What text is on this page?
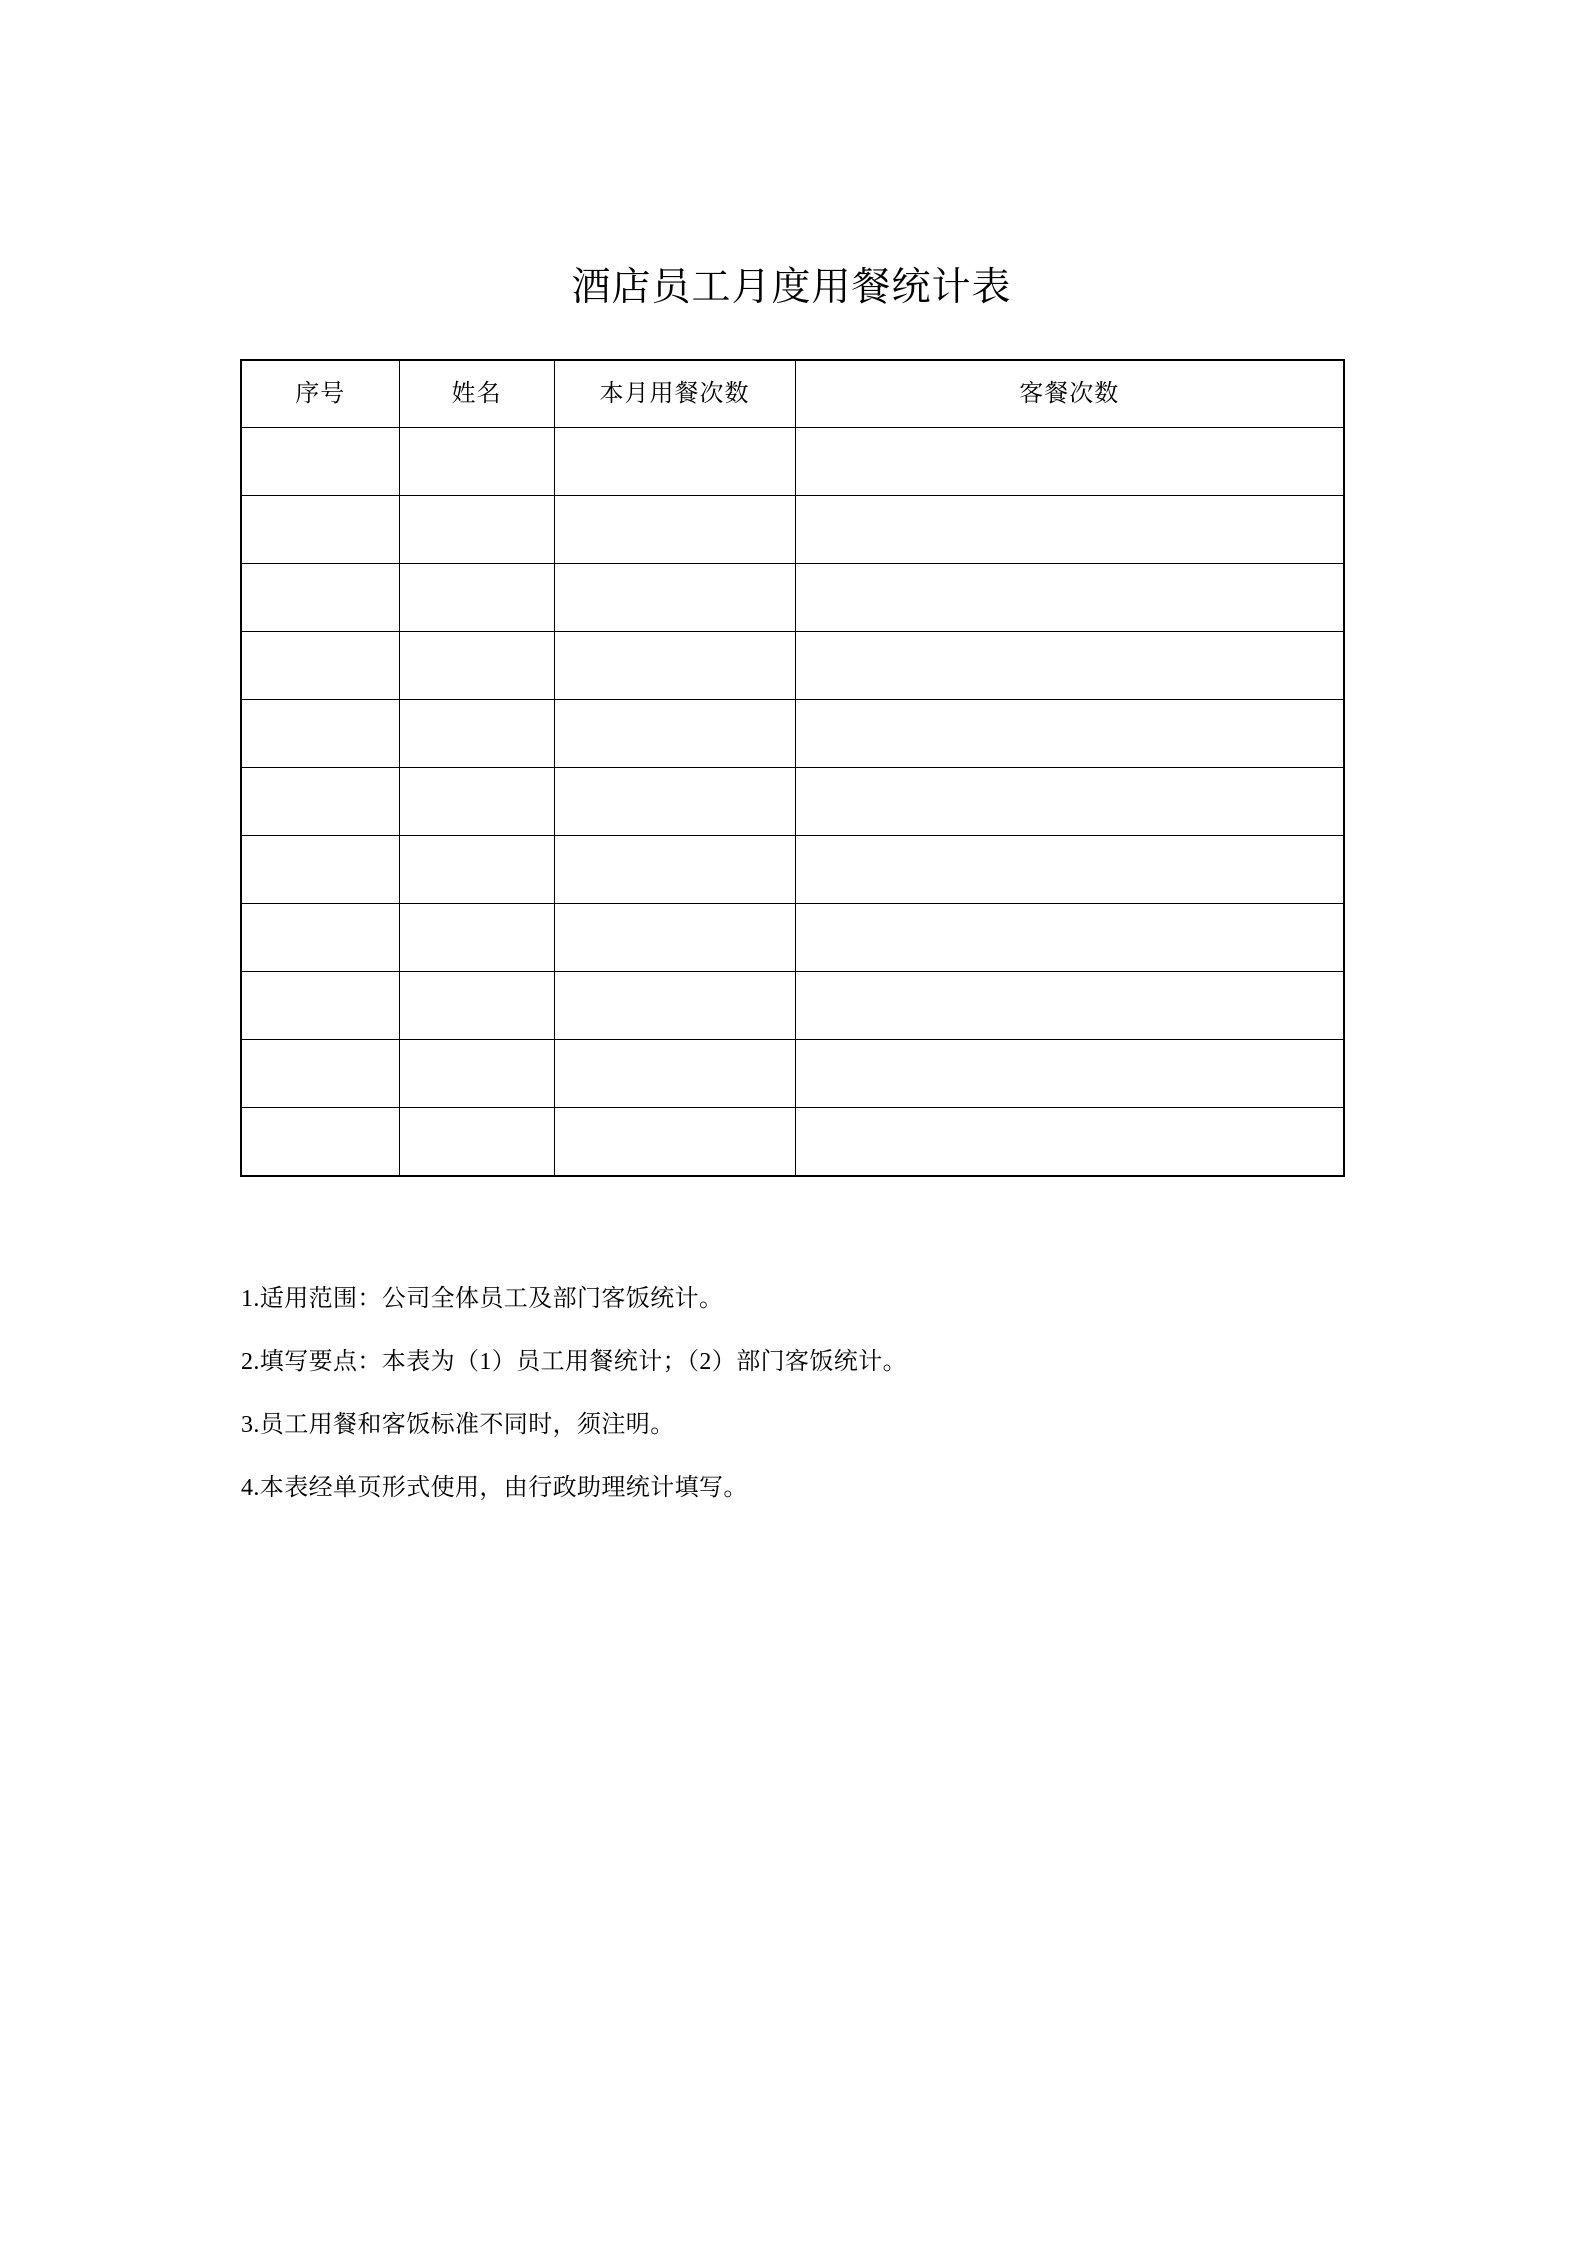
酒店员工月度用餐统计表
序号	姓名	本月用餐次数	客餐次数

1.适用范围：公司全体员工及部门客饭统计。
2.填写要点：本表为（1）员工用餐统计；（2）部门客饭统计。
3.员工用餐和客饭标准不同时，须注明。
4.本表经单页形式使用，由行政助理统计填写。
